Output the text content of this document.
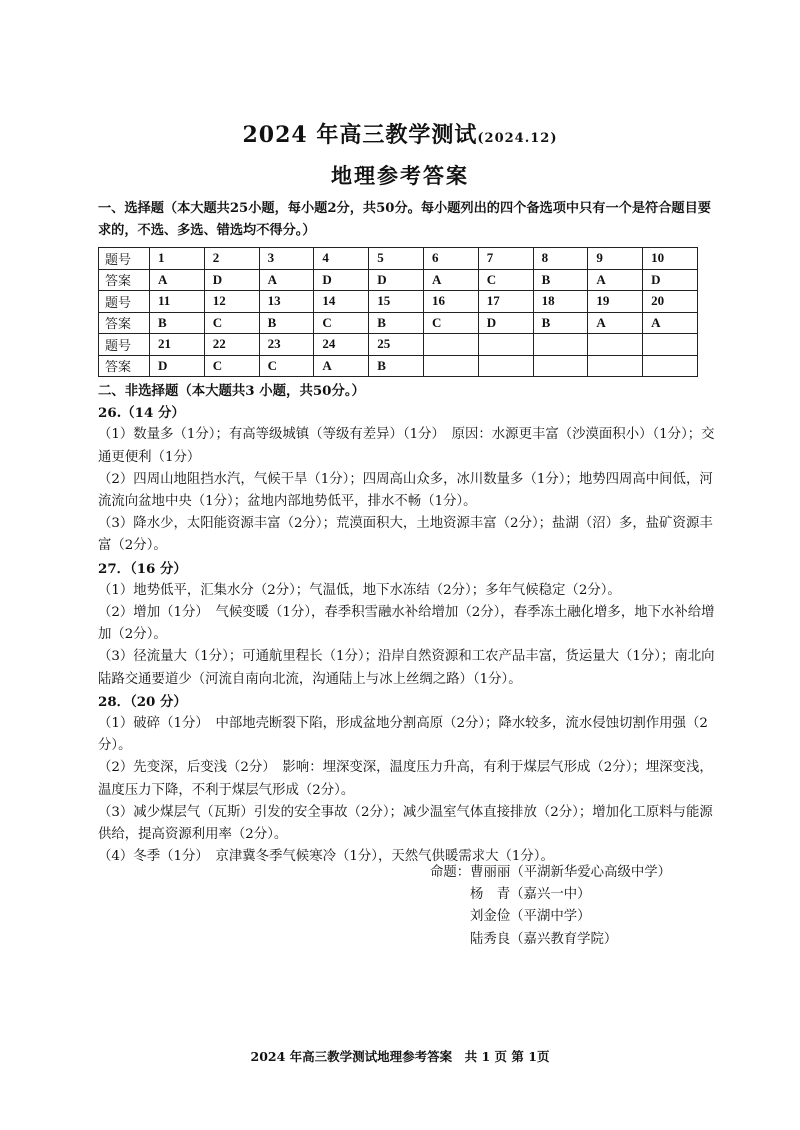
2024 年高三教学测试(2024.12)
地理参考答案
一、选择题（本大题共25小题，每小题2分，共50分。每小题列出的四个备选项中只有一个是符合题目要求的，不选、多选、错选均不得分。）
题号	1	2	3	4	5	6	7	8	9	10
答案	A	D	A	D	D	A	C	B	A	D
题号	11	12	13	14	15	16	17	18	19	20
答案	B	C	B	C	B	C	D	B	A	A
题号	21	22	23	24	25					
答案	D	C	C	A	B					

二、非选择题（本大题共3 小题，共50分。）

26.（14 分）

（1）数量多（1分）；有高等级城镇（等级有差异）（1分）　原因：水源更丰富（沙漠面积小）（1分）；交通更便利（1分）

（2）四周山地阻挡水汽，气候干旱（1分）；四周高山众多，冰川数量多（1分）；地势四周高中间低，河流流向盆地中央（1分）；盆地内部地势低平，排水不畅（1分）。

（3）降水少，太阳能资源丰富（2分）；荒漠面积大，土地资源丰富（2分）；盐湖（沼）多，盐矿资源丰富（2分）。

27．（16 分）

（1）地势低平，汇集水分（2分）；气温低，地下水冻结（2分）；多年气候稳定（2分）。

（2）增加（1分）　气候变暖（1分），春季积雪融水补给增加（2分），春季冻土融化增多，地下水补给增加（2分）。

（3）径流量大（1分）；可通航里程长（1分）；沿岸自然资源和工农产品丰富，货运量大（1分）；南北向陆路交通要道少（河流自南向北流，沟通陆上与冰上丝绸之路）（1分）。

28．（20 分）

（1）破碎（1分）　中部地壳断裂下陷，形成盆地分割高原（2分）；降水较多，流水侵蚀切割作用强（2分）。

（2）先变深，后变浅（2分）　影响：埋深变深，温度压力升高，有利于煤层气形成（2分）；埋深变浅，温度压力下降，不利于煤层气形成（2分）。

（3）减少煤层气（瓦斯）引发的安全事故（2分）；减少温室气体直接排放（2分）；增加化工原料与能源供给，提高资源利用率（2分）。

（4）冬季（1分）　京津冀冬季气候寒冷（1分），天然气供暖需求大（1分）。

命题：曹丽丽（平湖新华爱心高级中学）
杨　青（嘉兴一中）
刘金俭（平湖中学）
陆秀良（嘉兴教育学院）
2024 年高三教学测试地理参考答案　共 1 页 第 1页
